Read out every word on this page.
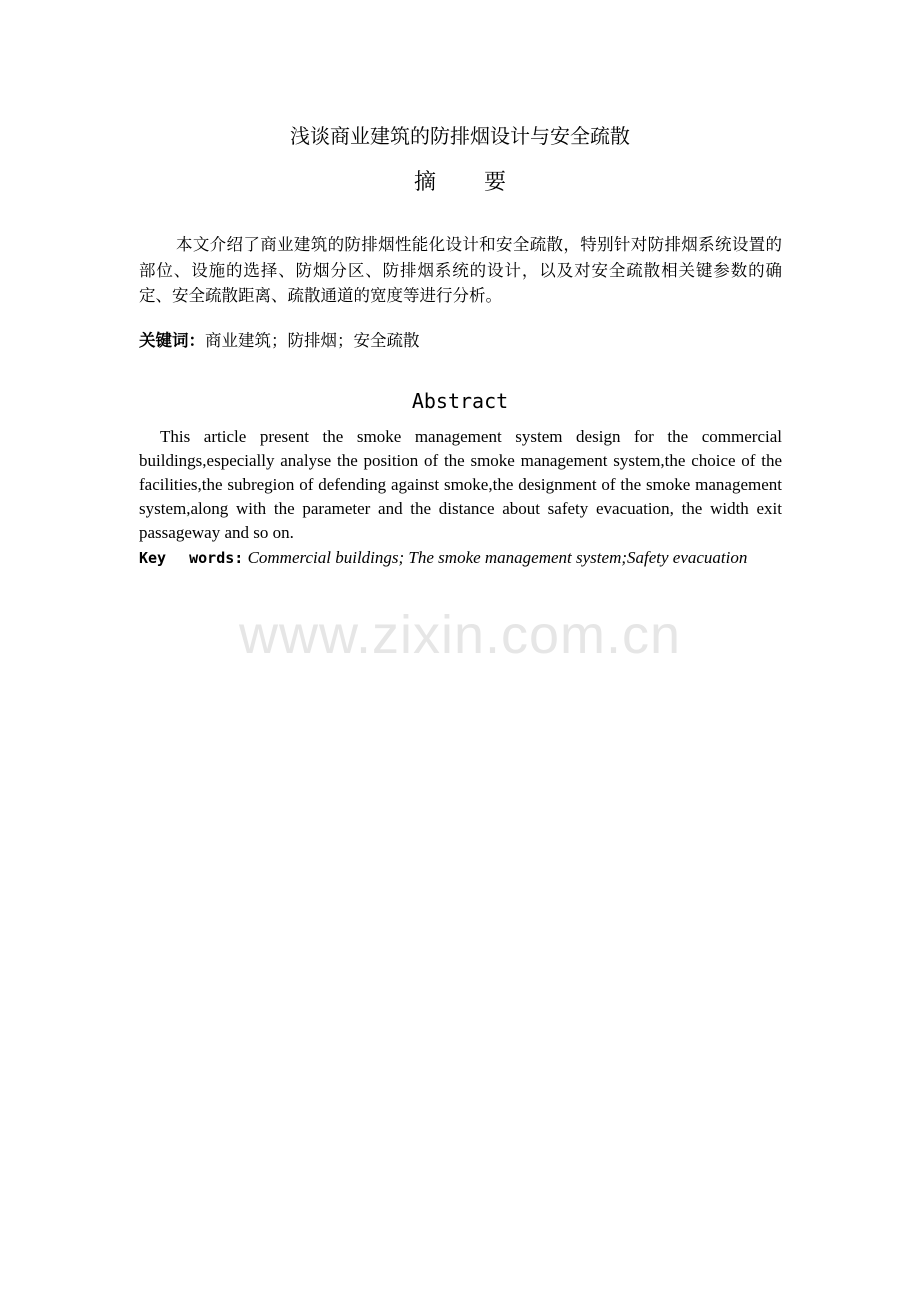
浅谈商业建筑的防排烟设计与安全疏散
摘要
本文介绍了商业建筑的防排烟性能化设计和安全疏散，特别针对防排烟系统设置的部位、设施的选择、防烟分区、防排烟系统的设计，以及对安全疏散相关键参数的确定、安全疏散距离、疏散通道的宽度等进行分析。
关键词：商业建筑；防排烟；安全疏散
Abstract
This article present the smoke management system design for the commercial buildings,especially analyse the position of the smoke management system,the choice of the facilities,the subregion of defending against smoke,the designment of the smoke management system,along with the parameter and the distance about safety evacuation, the width exit passageway and so on.
Key words: Commercial buildings; The smoke management system;Safety evacuation
www.zixin.com.cn
